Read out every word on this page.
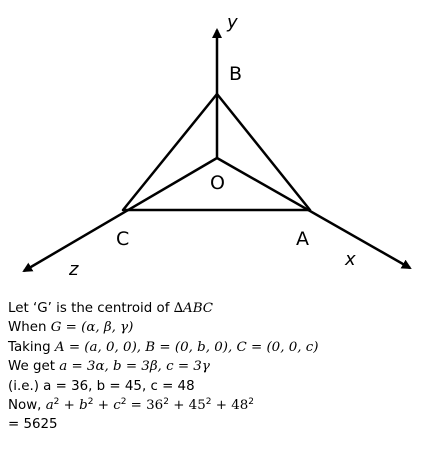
y
B
O
C	A
x
z
Let ‘G’ is the centroid of ∆ABC
When G = (α, β, γ)
Taking A = (a, 0, 0), B = (0, b, 0), C = (0, 0, c)
We get a = 3α, b = 3β, c = 3γ
(i.e.) a = 36, b = 45, c = 48
Now, $a^2 + b^2 + c^2 = 36^2 + 45^2 + 48^2$
= 5625
